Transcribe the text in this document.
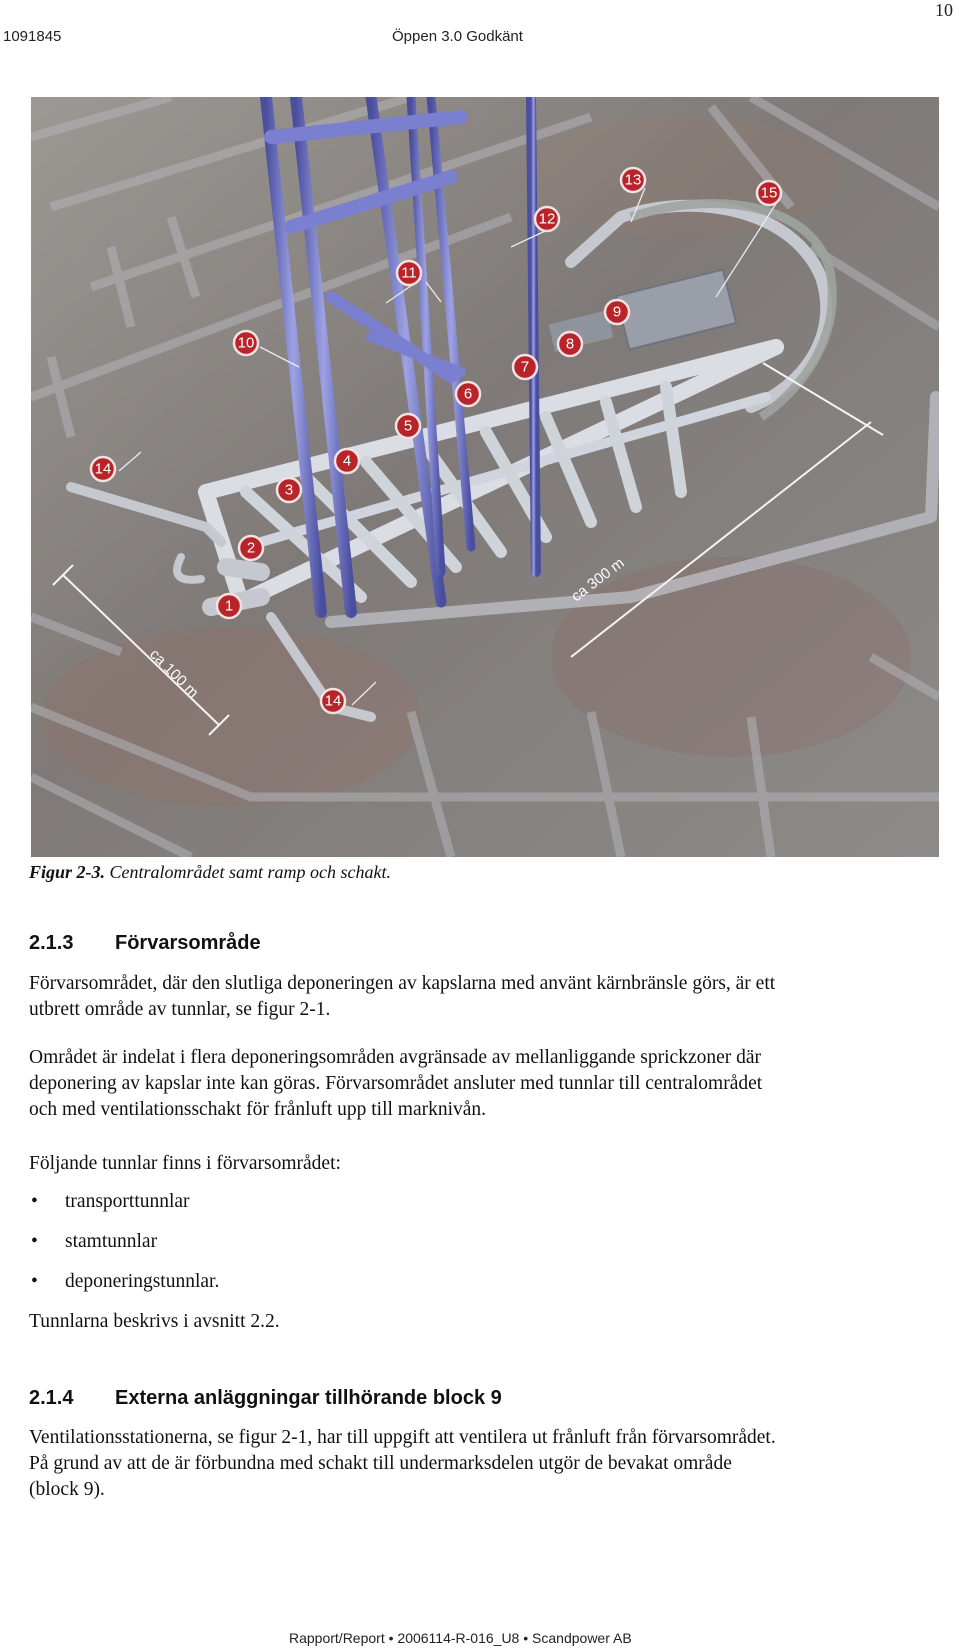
1091845	Öppen 3.0 Godkänt
10
ca 100 m
ca 300 m
1
2
3
4
5
6
7
8
9
10
11
12
13
14
14
15
Figur 2-3. Centralområdet samt ramp och schakt.
2.1.3 Förvarsområde
Förvarsområdet, där den slutliga deponeringen av kapslarna med använt kärnbränsle görs, är ett
utbrett område av tunnlar, se figur 2-1.
Området är indelat i flera deponeringsområden avgränsade av mellanliggande sprickzoner där
deponering av kapslar inte kan göras. Förvarsområdet ansluter med tunnlar till centralområdet
och med ventilationsschakt för frånluft upp till marknivån.
Följande tunnlar finns i förvarsområdet:
• transporttunnlar
• stamtunnlar
• deponeringstunnlar.
Tunnlarna beskrivs i avsnitt 2.2.
2.1.4 Externa anläggningar tillhörande block 9
Ventilationsstationerna, se figur 2-1, har till uppgift att ventilera ut frånluft från förvarsområdet.
På grund av att de är förbundna med schakt till undermarksdelen utgör de bevakat område
(block 9).
Rapport/Report • 2006114-R-016_U8 • Scandpower AB
